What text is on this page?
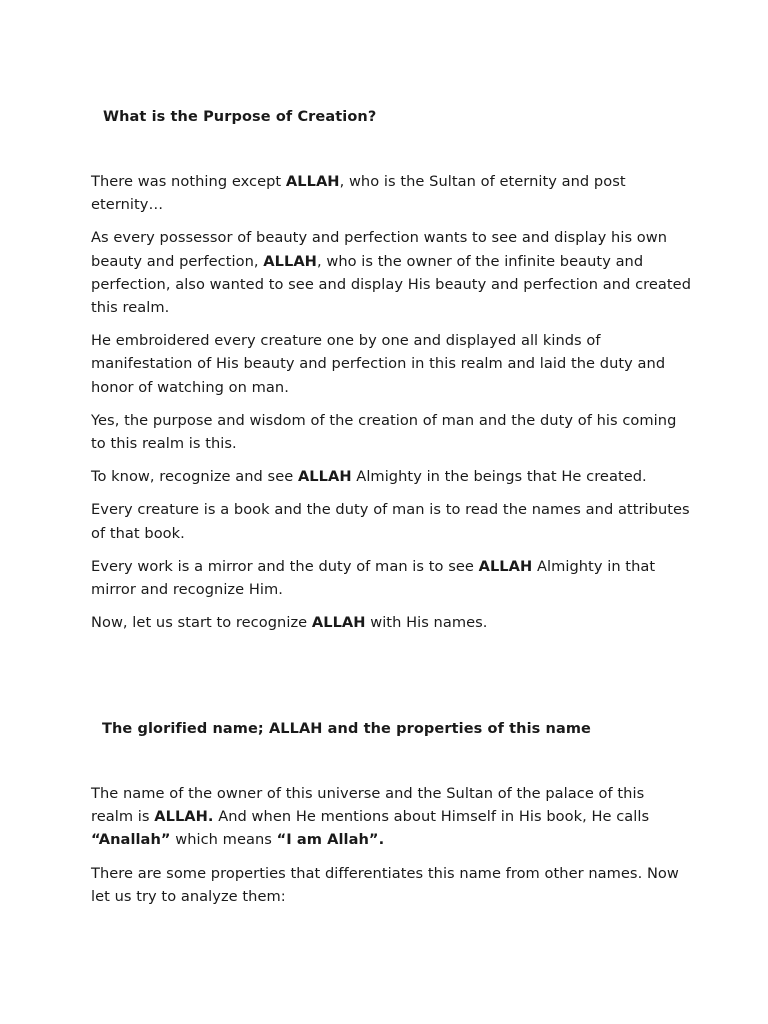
What is the Purpose of Creation?

There was nothing except ALLAH, who is the Sultan of eternity and post eternity…

As every possessor of beauty and perfection wants to see and display his own beauty and perfection, ALLAH, who is the owner of the infinite beauty and perfection, also wanted to see and display His beauty and perfection and created this realm.

He embroidered every creature one by one and displayed all kinds of manifestation of His beauty and perfection in this realm and laid the duty and honor of watching on man.

Yes, the purpose and wisdom of the creation of man and the duty of his coming to this realm is this.

To know, recognize and see ALLAH Almighty in the beings that He created.

Every creature is a book and the duty of man is to read the names and attributes of that book.

Every work is a mirror and the duty of man is to see ALLAH Almighty in that mirror and recognize Him.

Now, let us start to recognize ALLAH with His names.

The glorified name; ALLAH and the properties of this name

The name of the owner of this universe and the Sultan of the palace of this realm is ALLAH. And when He mentions about Himself in His book, He calls “Anallah” which means “I am Allah”.

There are some properties that differentiates this name from other names. Now let us try to analyze them:
